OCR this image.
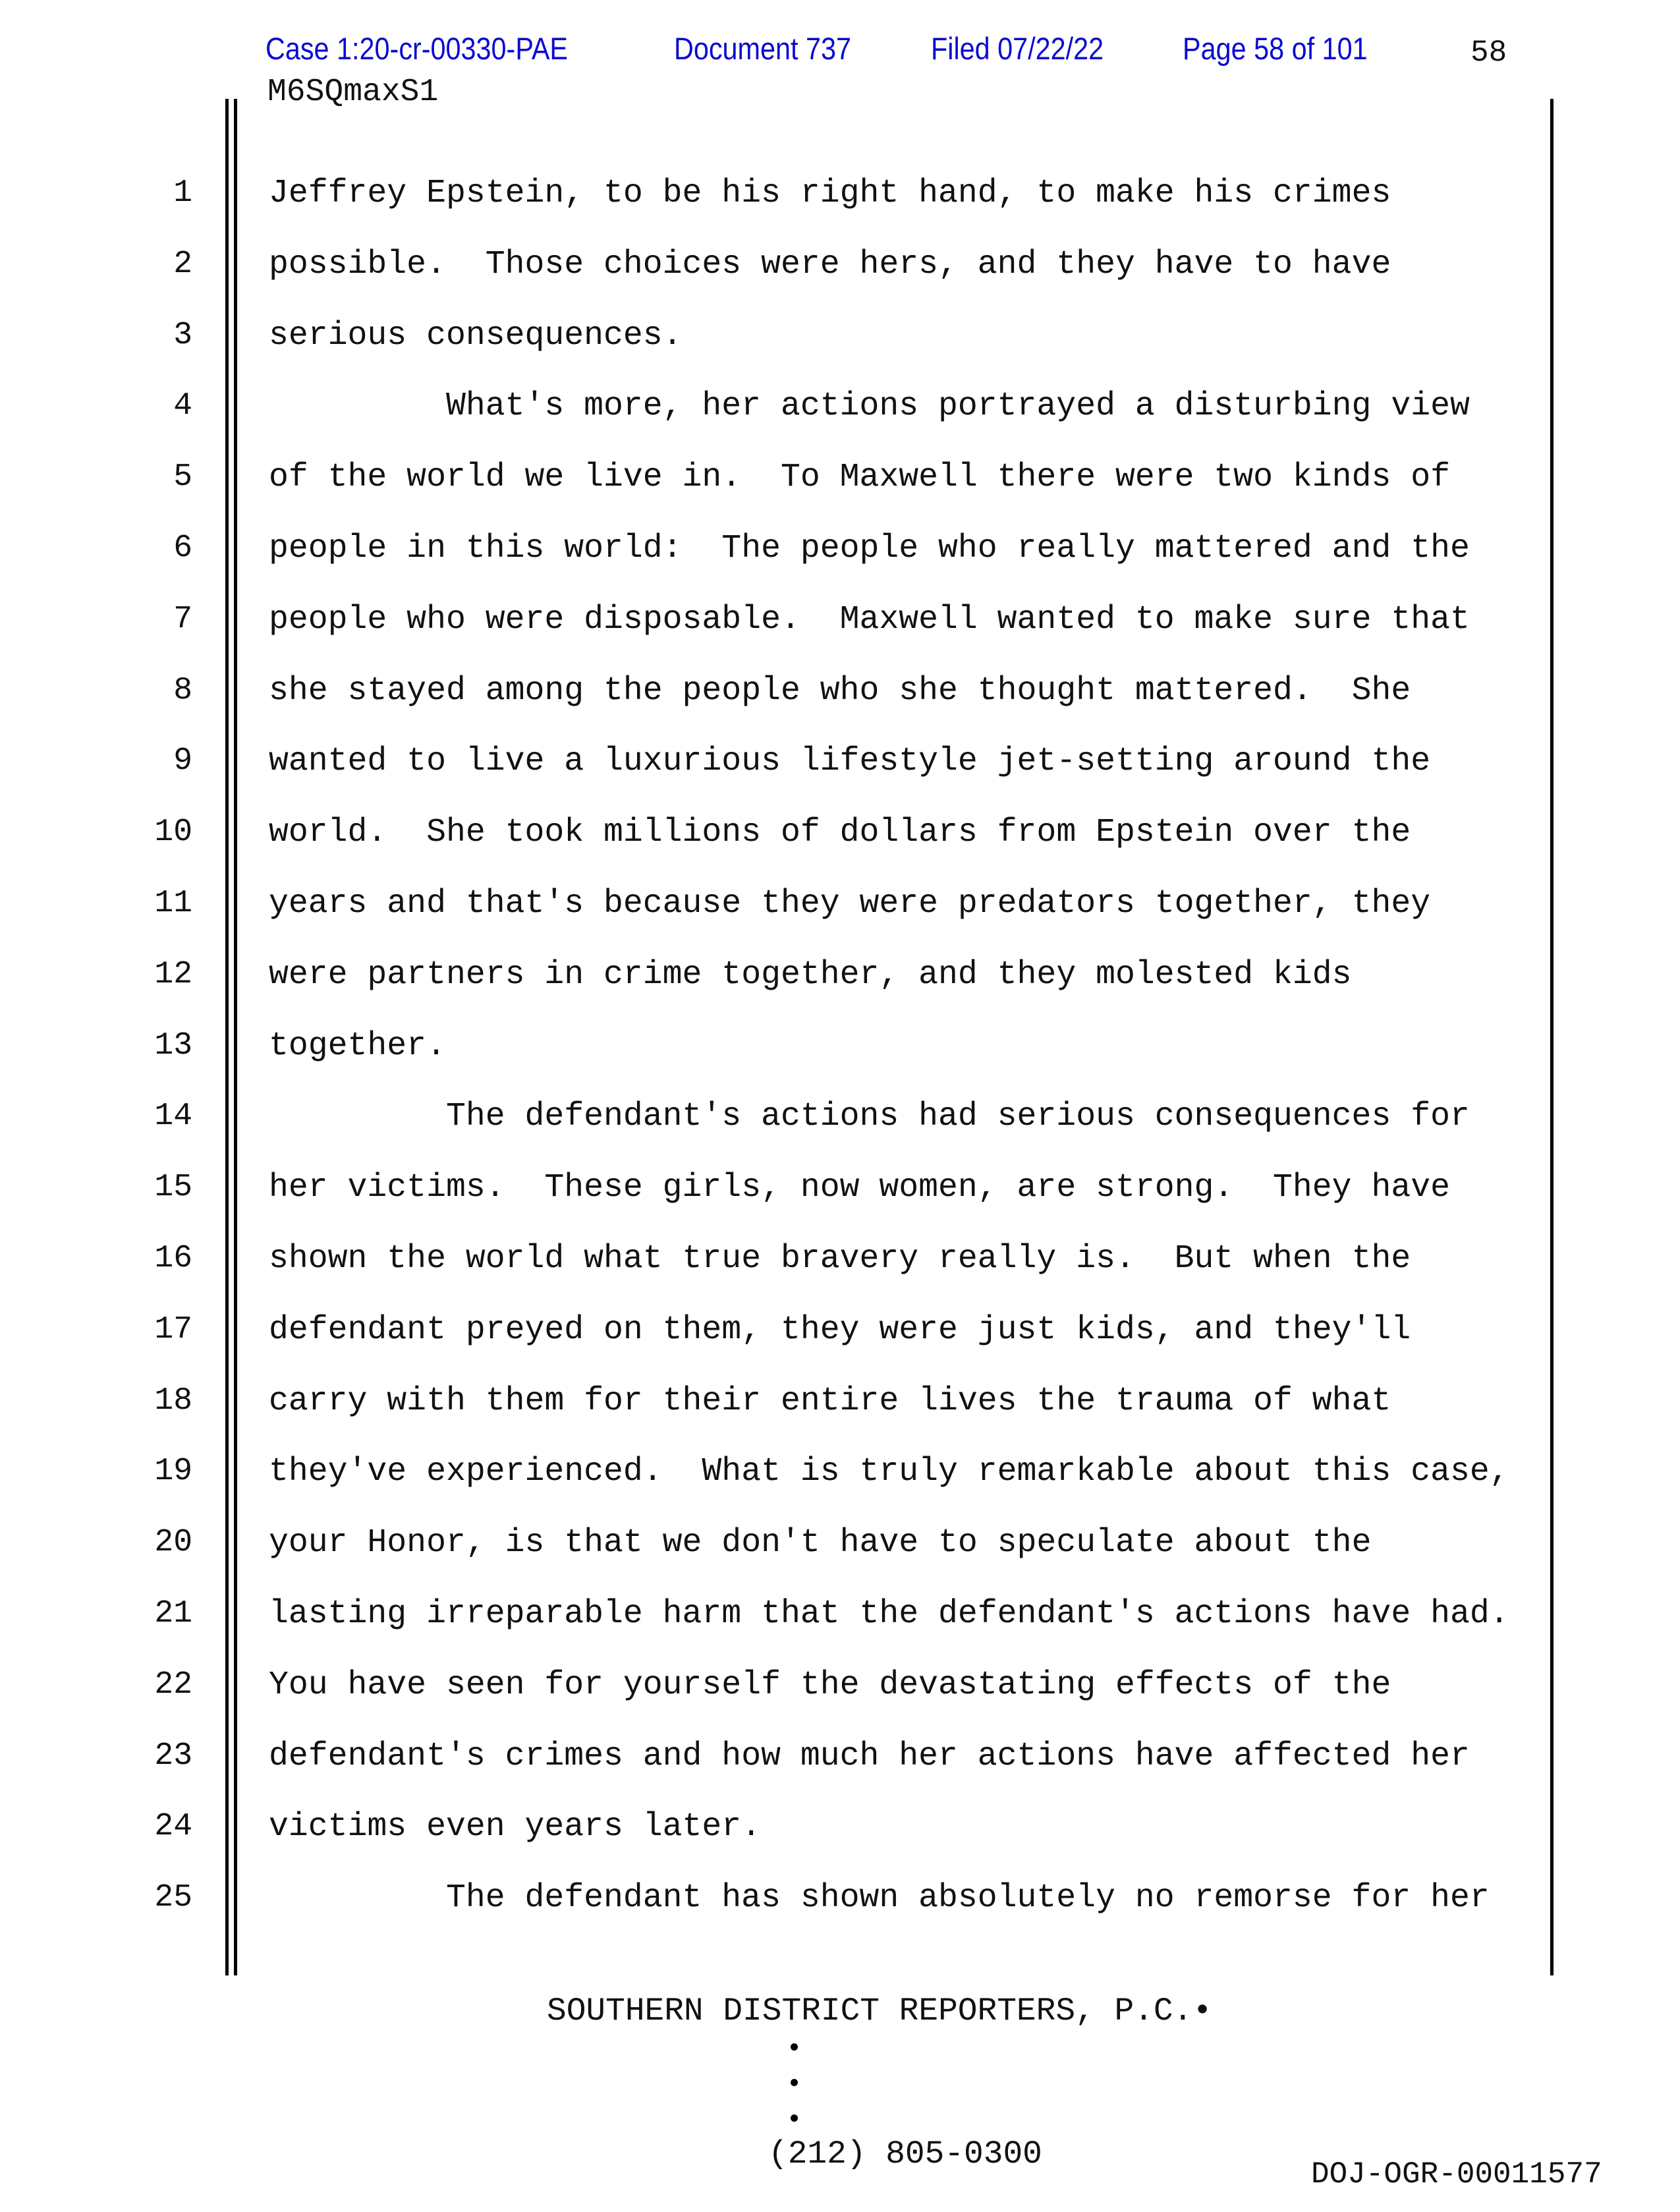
Case 1:20-cr-00330-PAE	Document 737	Filed 07/22/22	Page 58 of 101	58
M6SQmaxS1
1 Jeffrey Epstein, to be his right hand, to make his crimes
2 possible.  Those choices were hers, and they have to have
3 serious consequences.
4	What's more, her actions portrayed a disturbing view
5 of the world we live in.  To Maxwell there were two kinds of
6 people in this world:  The people who really mattered and the
7 people who were disposable.  Maxwell wanted to make sure that
8 she stayed among the people who she thought mattered.  She
9 wanted to live a luxurious lifestyle jet-setting around the
10 world.  She took millions of dollars from Epstein over the
11 years and that's because they were predators together, they
12 were partners in crime together, and they molested kids
13 together.
14	The defendant's actions had serious consequences for
15 her victims.  These girls, now women, are strong.  They have
16 shown the world what true bravery really is.  But when the
17 defendant preyed on them, they were just kids, and they'll
18 carry with them for their entire lives the trauma of what
19 they've experienced.  What is truly remarkable about this case,
20 your Honor, is that we don't have to speculate about the
21 lasting irreparable harm that the defendant's actions have had.
22 You have seen for yourself the devastating effects of the
23 defendant's crimes and how much her actions have affected her
24 victims even years later.
25	The defendant has shown absolutely no remorse for her
SOUTHERN DISTRICT REPORTERS, P.C.•
(212) 805-0300
DOJ-OGR-00011577
